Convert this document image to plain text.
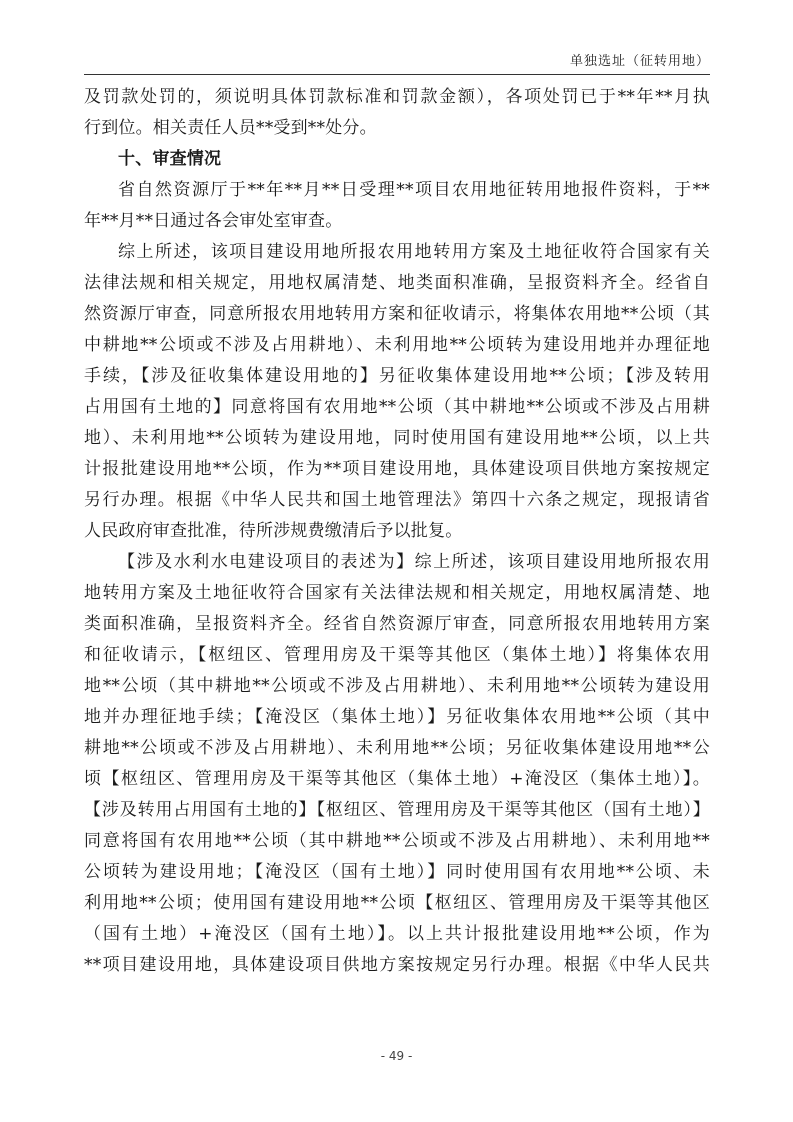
单独选址（征转用地）
及罚款处罚的，须说明具体罚款标准和罚款金额），各项处罚已于**年**月执
行到位。相关责任人员**受到**处分。
十、审查情况
省自然资源厅于**年**月**日受理**项目农用地征转用地报件资料，于**
年**月**日通过各会审处室审查。
综上所述，该项目建设用地所报农用地转用方案及土地征收符合国家有关
法律法规和相关规定，用地权属清楚、地类面积准确，呈报资料齐全。经省自
然资源厅审查，同意所报农用地转用方案和征收请示，将集体农用地**公顷（其
中耕地**公顷或不涉及占用耕地）、未利用地**公顷转为建设用地并办理征地
手续，【涉及征收集体建设用地的】另征收集体建设用地**公顷；【涉及转用
占用国有土地的】同意将国有农用地**公顷（其中耕地**公顷或不涉及占用耕
地）、未利用地**公顷转为建设用地，同时使用国有建设用地**公顷，以上共
计报批建设用地**公顷，作为**项目建设用地，具体建设项目供地方案按规定
另行办理。根据《中华人民共和国土地管理法》第四十六条之规定，现报请省
人民政府审查批准，待所涉规费缴清后予以批复。
【涉及水利水电建设项目的表述为】综上所述，该项目建设用地所报农用
地转用方案及土地征收符合国家有关法律法规和相关规定，用地权属清楚、地
类面积准确，呈报资料齐全。经省自然资源厅审查，同意所报农用地转用方案
和征收请示，【枢纽区、管理用房及干渠等其他区（集体土地）】将集体农用
地**公顷（其中耕地**公顷或不涉及占用耕地）、未利用地**公顷转为建设用
地并办理征地手续；【淹没区（集体土地）】另征收集体农用地**公顷（其中
耕地**公顷或不涉及占用耕地）、未利用地**公顷；另征收集体建设用地**公
顷【枢纽区、管理用房及干渠等其他区（集体土地）+淹没区（集体土地）】。
【涉及转用占用国有土地的】【枢纽区、管理用房及干渠等其他区（国有土地）】
同意将国有农用地**公顷（其中耕地**公顷或不涉及占用耕地）、未利用地**
公顷转为建设用地；【淹没区（国有土地）】同时使用国有农用地**公顷、未
利用地**公顷；使用国有建设用地**公顷【枢纽区、管理用房及干渠等其他区
（国有土地）+淹没区（国有土地）】。以上共计报批建设用地**公顷，作为
**项目建设用地，具体建设项目供地方案按规定另行办理。根据《中华人民共
- 49 -
